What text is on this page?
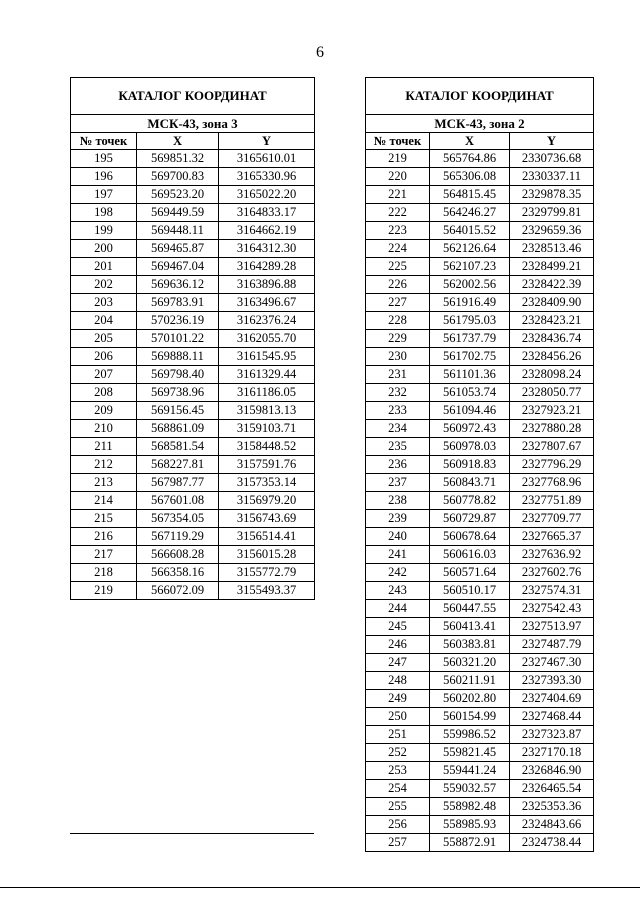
6
КАТАЛОГ КООРДИНАТ		
МСК-43, зона 3		
№ точек	X	Y
195	569851.32	3165610.01
196	569700.83	3165330.96
197	569523.20	3165022.20
198	569449.59	3164833.17
199	569448.11	3164662.19
200	569465.87	3164312.30
201	569467.04	3164289.28
202	569636.12	3163896.88
203	569783.91	3163496.67
204	570236.19	3162376.24
205	570101.22	3162055.70
206	569888.11	3161545.95
207	569798.40	3161329.44
208	569738.96	3161186.05
209	569156.45	3159813.13
210	568861.09	3159103.71
211	568581.54	3158448.52
212	568227.81	3157591.76
213	567987.77	3157353.14
214	567601.08	3156979.20
215	567354.05	3156743.69
216	567119.29	3156514.41
217	566608.28	3156015.28
218	566358.16	3155772.79
219	566072.09	3155493.37
КАТАЛОГ КООРДИНАТ		
МСК-43, зона 2		
№ точек	X	Y
219	565764.86	2330736.68
220	565306.08	2330337.11
221	564815.45	2329878.35
222	564246.27	2329799.81
223	564015.52	2329659.36
224	562126.64	2328513.46
225	562107.23	2328499.21
226	562002.56	2328422.39
227	561916.49	2328409.90
228	561795.03	2328423.21
229	561737.79	2328436.74
230	561702.75	2328456.26
231	561101.36	2328098.24
232	561053.74	2328050.77
233	561094.46	2327923.21
234	560972.43	2327880.28
235	560978.03	2327807.67
236	560918.83	2327796.29
237	560843.71	2327768.96
238	560778.82	2327751.89
239	560729.87	2327709.77
240	560678.64	2327665.37
241	560616.03	2327636.92
242	560571.64	2327602.76
243	560510.17	2327574.31
244	560447.55	2327542.43
245	560413.41	2327513.97
246	560383.81	2327487.79
247	560321.20	2327467.30
248	560211.91	2327393.30
249	560202.80	2327404.69
250	560154.99	2327468.44
251	559986.52	2327323.87
252	559821.45	2327170.18
253	559441.24	2326846.90
254	559032.57	2326465.54
255	558982.48	2325353.36
256	558985.93	2324843.66
257	558872.91	2324738.44
